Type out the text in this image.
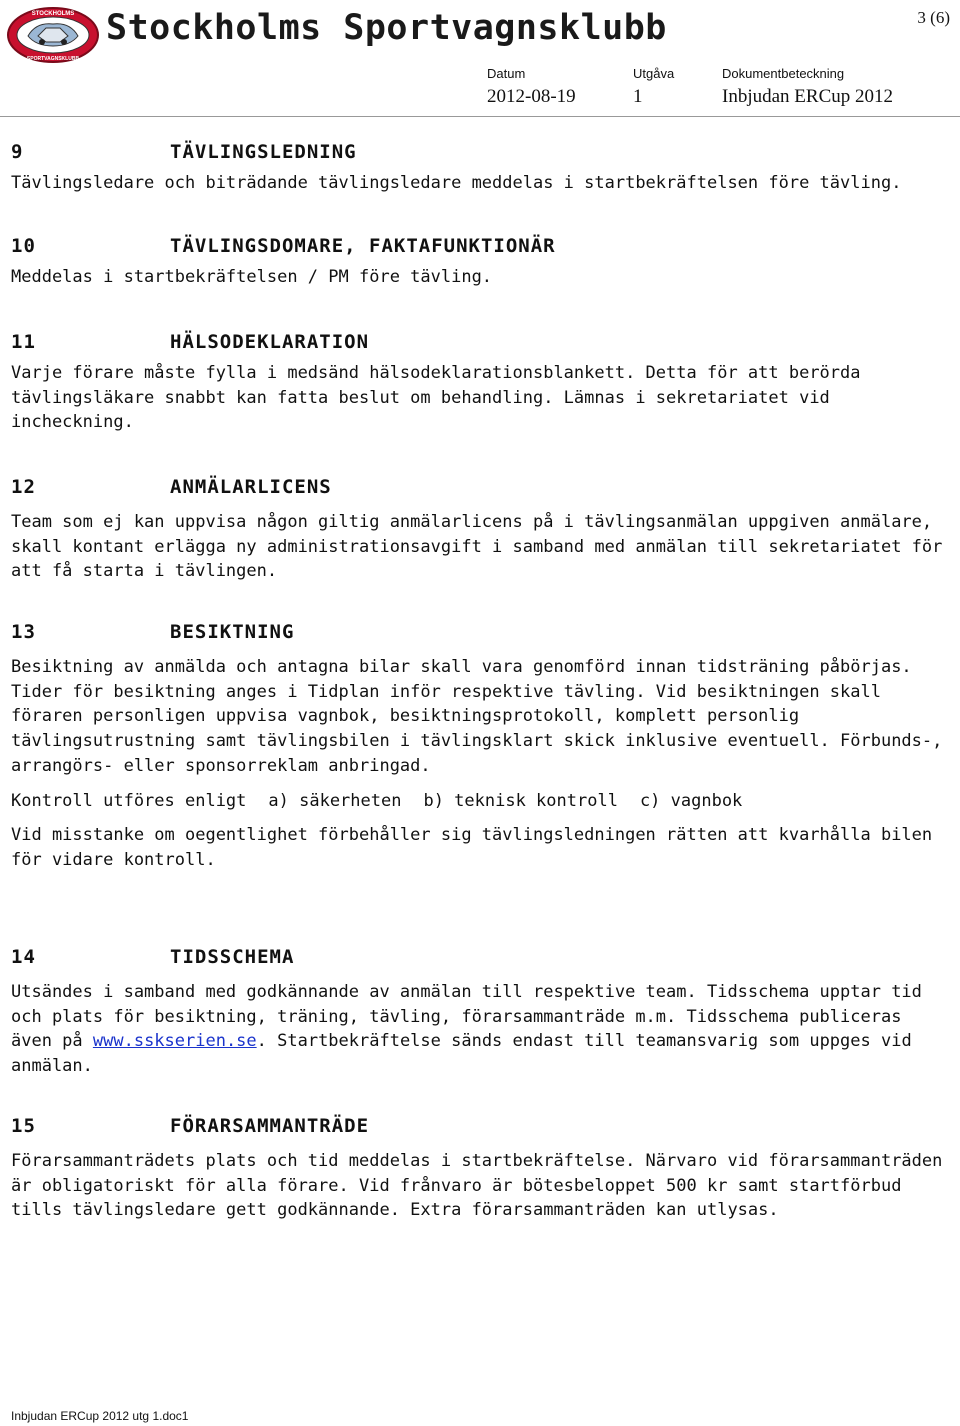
STOCKHOLMS
SPORTVAGNSKLUBB
Stockholms Sportvagnsklubb	3 (6)
Datum	Utgåva	Dokumentbeteckning
2012-08-19	1	Inbjudan ERCup 2012
9	TÄVLINGSLEDNING

Tävlingsledare och biträdande tävlingsledare meddelas i startbekräftelsen före tävling.

10	TÄVLINGSDOMARE, FAKTAFUNKTIONÄR

Meddelas i startbekräftelsen / PM före tävling.

11	HÄLSODEKLARATION

Varje förare måste fylla i medsänd hälsodeklarationsblankett. Detta för att berörda tävlingsläkare snabbt kan fatta beslut om behandling. Lämnas i sekretariatet vid incheckning.

12	ANMÄLARLICENS

Team som ej kan uppvisa någon giltig anmälarlicens på i tävlingsanmälan uppgiven anmälare, skall kontant erlägga ny administrationsavgift i samband med anmälan till sekretariatet för att få starta i tävlingen.

13	BESIKTNING

Besiktning av anmälda och antagna bilar skall vara genomförd innan tidsträning påbörjas. Tider för besiktning anges i Tidplan inför respektive tävling. Vid besiktningen skall föraren personligen uppvisa vagnbok, besiktningsprotokoll, komplett personlig tävlingsutrustning samt tävlingsbilen i tävlingsklart skick inklusive eventuell. Förbunds-, arrangörs- eller sponsorreklam anbringad.

Kontroll utföres enligt a) säkerheten b) teknisk kontroll c) vagnbok

Vid misstanke om oegentlighet förbehåller sig tävlingsledningen rätten att kvarhålla bilen för vidare kontroll.

14	TIDSSCHEMA

Utsändes i samband med godkännande av anmälan till respektive team. Tidsschema upptar tid och plats för besiktning, träning, tävling, förarsammanträde m.m. Tidsschema publiceras även på www.sskserien.se. Startbekräftelse sänds endast till teamansvarig som uppges vid anmälan.

15	FÖRARSAMMANTRÄDE

Förarsammanträdets plats och tid meddelas i startbekräftelse. Närvaro vid förarsammanträden är obligatoriskt för alla förare. Vid frånvaro är bötesbeloppet 500 kr samt startförbud tills tävlingsledare gett godkännande. Extra förarsammanträden kan utlysas.

Inbjudan ERCup 2012 utg 1.doc1
